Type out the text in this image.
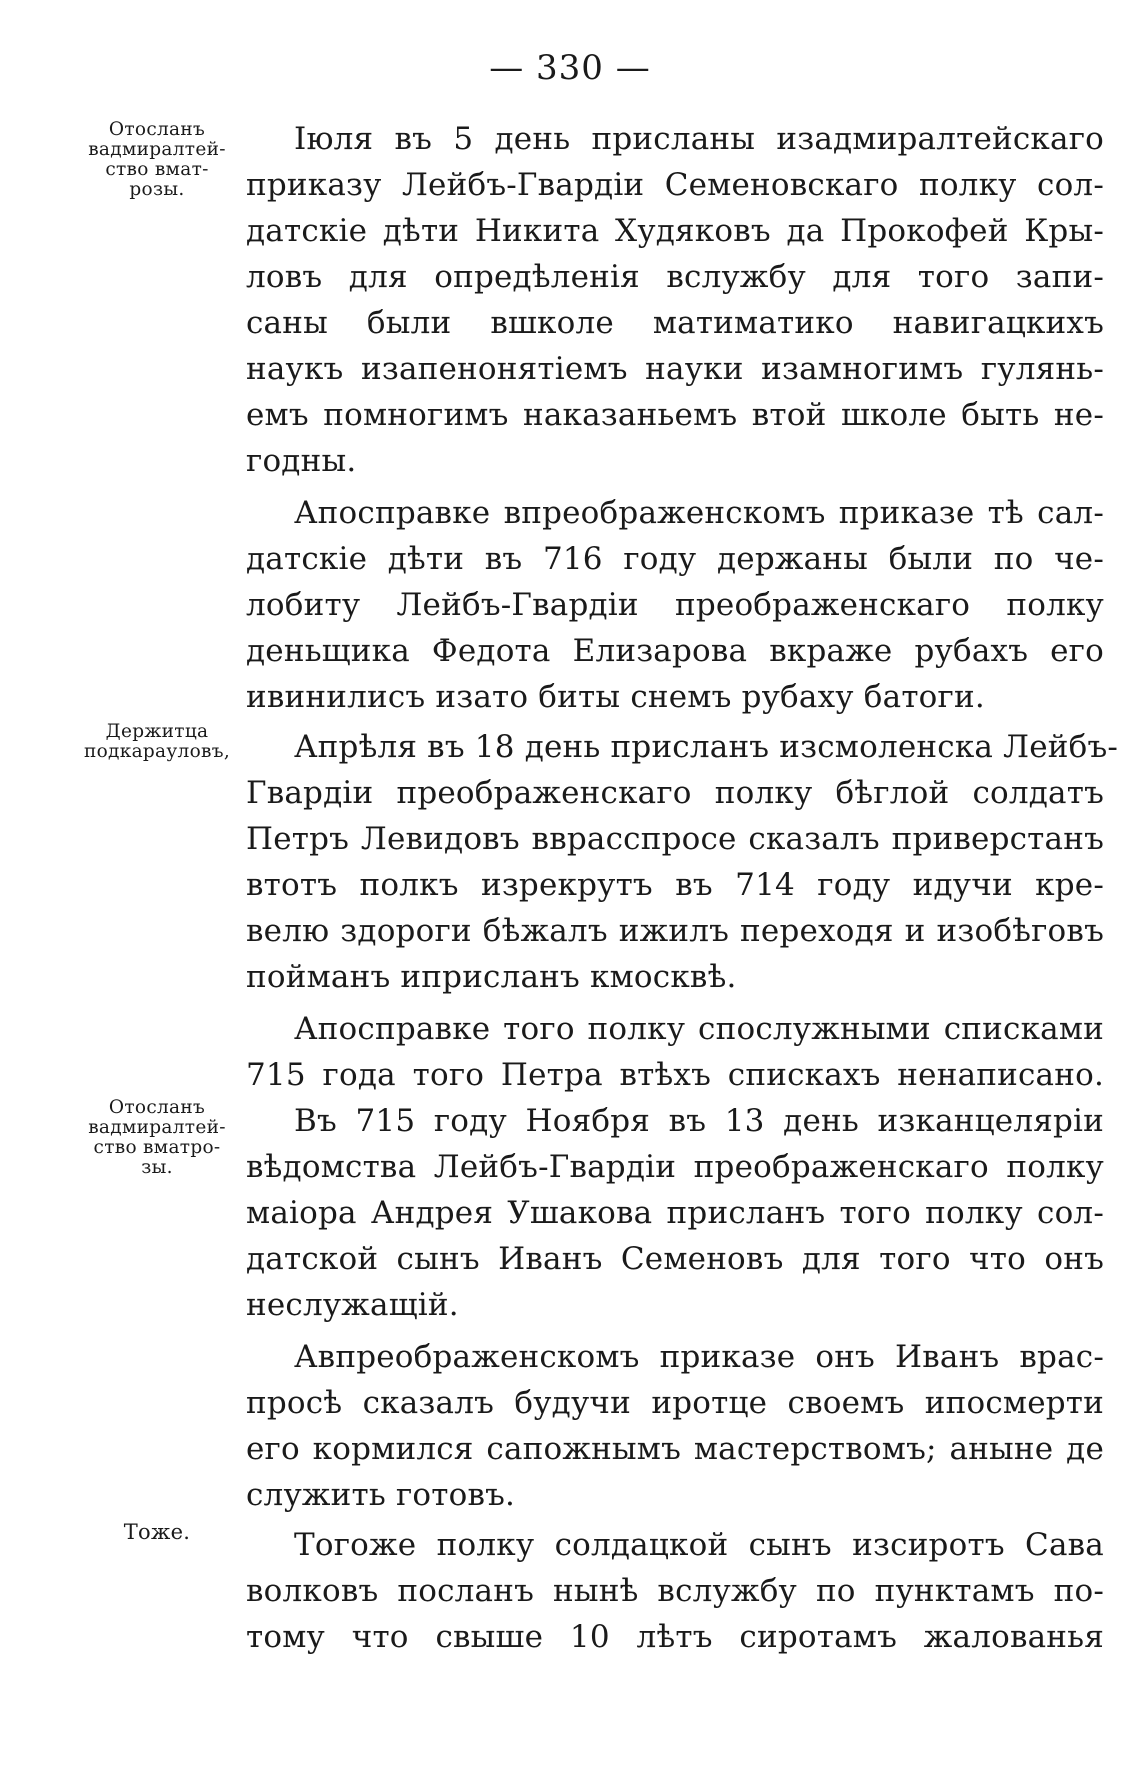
— 330 —
Отосланъ
вадмиралтей-
ство вмат-
розы.
Держитца
подкарауловъ,
Отосланъ
вадмиралтей-
ство вматро-
зы.
Тоже.
Іюля въ 5 день присланы изадмиралтейскаго
приказу Лейбъ-Гвардіи Семеновскаго полку сол-
датскіе дѣти Никита Худяковъ да Прокофей Кры-
ловъ для опредѣленія вслужбу для того запи-
саны были вшколе матиматико навигацкихъ
наукъ изапенонятіемъ науки изамногимъ гулянь-
емъ помногимъ наказаньемъ втой школе быть не-
годны.
Апосправке впреображенскомъ приказе тѣ сал-
датскіе дѣти въ 716 году держаны были по че-
лобиту Лейбъ-Гвардіи преображенскаго полку
деньщика Федота Елизарова вкраже рубахъ его
ивинилисъ изато биты снемъ рубаху батоги.
Апрѣля въ 18 день присланъ изсмоленска Лейбъ-
Гвардіи преображенскаго полку бѣглой солдатъ
Петръ Левидовъ вврасспросе сказалъ приверстанъ
втотъ полкъ изрекрутъ въ 714 году идучи кре-
велю здороги бѣжалъ ижилъ переходя и изобѣговъ
пойманъ иприсланъ кмосквѣ.
Апосправке того полку спослужными списками
715 года того Петра втѣхъ спискахъ ненаписано.
Въ 715 году Ноября въ 13 день изканцеляріи
вѣдомства Лейбъ-Гвардіи преображенскаго полку
маіора Андрея Ушакова присланъ того полку сол-
датской сынъ Иванъ Семеновъ для того что онъ
неслужащій.
Авпреображенскомъ приказе онъ Иванъ врас-
просѣ сказалъ будучи иротце своемъ ипосмерти
его кормился сапожнымъ мастерствомъ; аныне де
служить готовъ.
Тогоже полку солдацкой сынъ изсиротъ Сава
волковъ посланъ нынѣ вслужбу по пунктамъ по-
тому что свыше 10 лѣтъ сиротамъ жалованья
